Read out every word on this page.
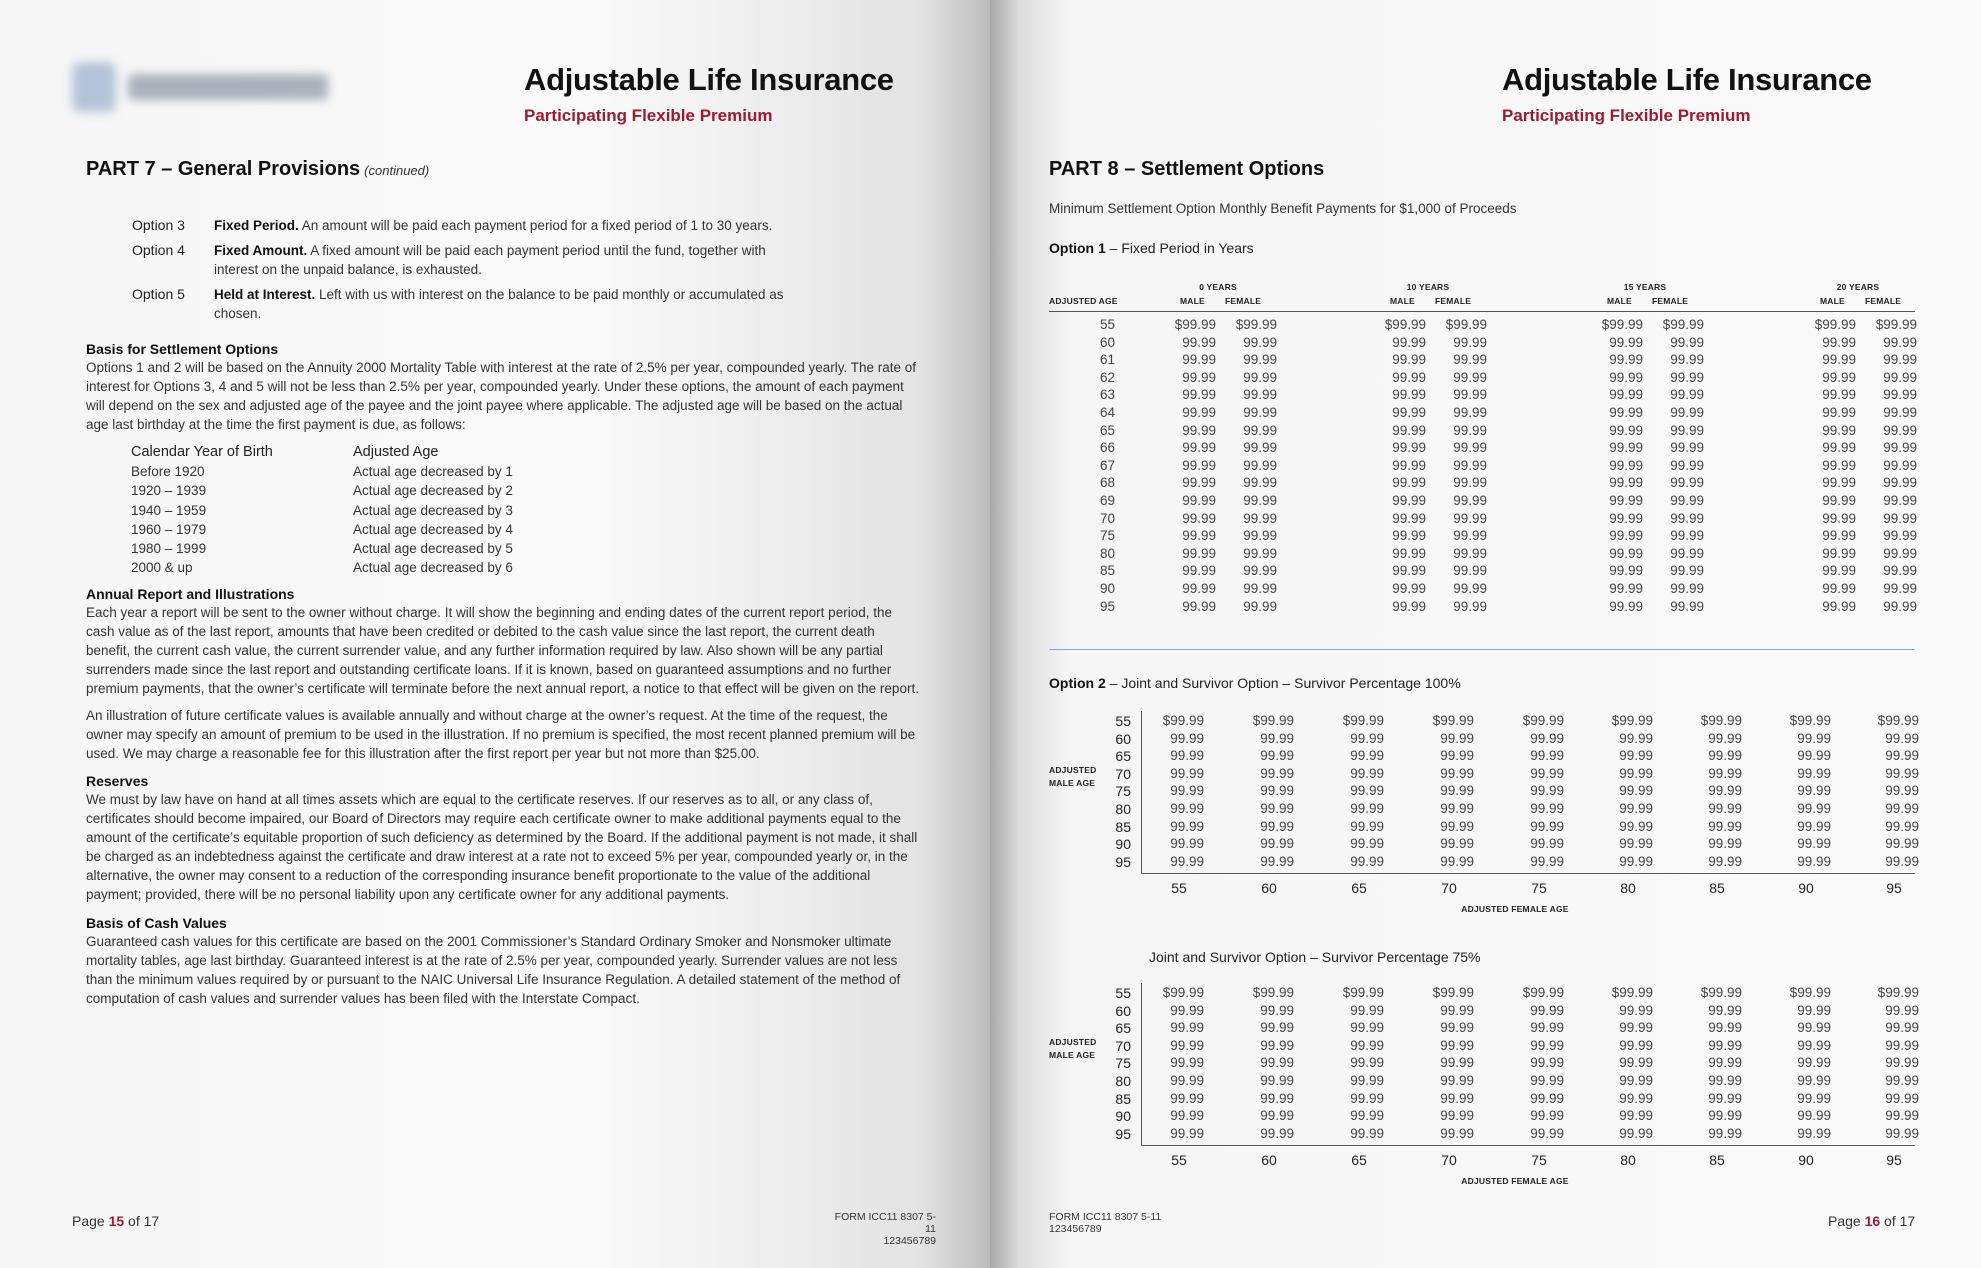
Adjustable Life Insurance
Participating Flexible Premium
PART 7 – General Provisions (continued)
Option 3	Fixed Period. An amount will be paid each payment period for a fixed period of 1 to 30 years.
Option 4	Fixed Amount. A fixed amount will be paid each payment period until the fund, together with interest on the unpaid balance, is exhausted.
Option 5	Held at Interest. Left with us with interest on the balance to be paid monthly or accumulated as chosen.
Basis for Settlement Options

Options 1 and 2 will be based on the Annuity 2000 Mortality Table with interest at the rate of 2.5% per year, compounded yearly. The rate of interest for Options 3, 4 and 5 will not be less than 2.5% per year, compounded yearly. Under these options, the amount of each payment will depend on the sex and adjusted age of the payee and the joint payee where applicable. The adjusted age will be based on the actual age last birthday at the time the first payment is due, as follows:

Calendar Year of Birth	Adjusted Age
Before 1920	Actual age decreased by 1
1920 – 1939	Actual age decreased by 2
1940 – 1959	Actual age decreased by 3
1960 – 1979	Actual age decreased by 4
1980 – 1999	Actual age decreased by 5
2000 & up	Actual age decreased by 6
Annual Report and Illustrations

Each year a report will be sent to the owner without charge. It will show the beginning and ending dates of the current report period, the cash value as of the last report, amounts that have been credited or debited to the cash value since the last report, the current death benefit, the current cash value, the current surrender value, and any further information required by law. Also shown will be any partial surrenders made since the last report and outstanding certificate loans. If it is known, based on guaranteed assumptions and no further premium payments, that the owner’s certificate will terminate before the next annual report, a notice to that effect will be given on the report.

An illustration of future certificate values is available annually and without charge at the owner’s request. At the time of the request, the owner may specify an amount of premium to be used in the illustration. If no premium is specified, the most recent planned premium will be used. We may charge a reasonable fee for this illustration after the first report per year but not more than $25.00.

Reserves

We must by law have on hand at all times assets which are equal to the certificate reserves. If our reserves as to all, or any class of, certificates should become impaired, our Board of Directors may require each certificate owner to make additional payments equal to the amount of the certificate’s equitable proportion of such deficiency as determined by the Board. If the additional payment is not made, it shall be charged as an indebtedness against the certificate and draw interest at a rate not to exceed 5% per year, compounded yearly or, in the alternative, the owner may consent to a reduction of the corresponding insurance benefit proportionate to the value of the additional payment; provided, there will be no personal liability upon any certificate owner for any additional payments.

Basis of Cash Values

Guaranteed cash values for this certificate are based on the 2001 Commissioner’s Standard Ordinary Smoker and Nonsmoker ultimate mortality tables, age last birthday. Guaranteed interest is at the rate of 2.5% per year, compounded yearly. Surrender values are not less than the minimum values required by or pursuant to the NAIC Universal Life Insurance Regulation. A detailed statement of the method of computation of cash values and surrender values has been filed with the Interstate Compact.

Page 15 of 17	FORM ICC11 8307 5-11
123456789
Adjustable Life Insurance
Participating Flexible Premium
PART 8 – Settlement Options
Minimum Settlement Option Monthly Benefit Payments for $1,000 of Proceeds
Option 1 – Fixed Period in Years
ADJUSTED AGE
0 YEARS
MALE FEMALE
10 YEARS
MALE FEMALE
15 YEARS
MALE FEMALE
20 YEARS
MALE FEMALE
55	$99.99	$99.99	$99.99	$99.99	$99.99	$99.99	$99.99	$99.99
60	99.99	99.99	99.99	99.99	99.99	99.99	99.99	99.99
61	99.99	99.99	99.99	99.99	99.99	99.99	99.99	99.99
62	99.99	99.99	99.99	99.99	99.99	99.99	99.99	99.99
63	99.99	99.99	99.99	99.99	99.99	99.99	99.99	99.99
64	99.99	99.99	99.99	99.99	99.99	99.99	99.99	99.99
65	99.99	99.99	99.99	99.99	99.99	99.99	99.99	99.99
66	99.99	99.99	99.99	99.99	99.99	99.99	99.99	99.99
67	99.99	99.99	99.99	99.99	99.99	99.99	99.99	99.99
68	99.99	99.99	99.99	99.99	99.99	99.99	99.99	99.99
69	99.99	99.99	99.99	99.99	99.99	99.99	99.99	99.99
70	99.99	99.99	99.99	99.99	99.99	99.99	99.99	99.99
75	99.99	99.99	99.99	99.99	99.99	99.99	99.99	99.99
80	99.99	99.99	99.99	99.99	99.99	99.99	99.99	99.99
85	99.99	99.99	99.99	99.99	99.99	99.99	99.99	99.99
90	99.99	99.99	99.99	99.99	99.99	99.99	99.99	99.99
95	99.99	99.99	99.99	99.99	99.99	99.99	99.99	99.99
Option 2 – Joint and Survivor Option – Survivor Percentage 100%
55	$99.99	$99.99	$99.99	$99.99	$99.99	$99.99	$99.99	$99.99	$99.99
60	99.99	99.99	99.99	99.99	99.99	99.99	99.99	99.99	99.99
65	99.99	99.99	99.99	99.99	99.99	99.99	99.99	99.99	99.99
70	99.99	99.99	99.99	99.99	99.99	99.99	99.99	99.99	99.99
75	99.99	99.99	99.99	99.99	99.99	99.99	99.99	99.99	99.99
80	99.99	99.99	99.99	99.99	99.99	99.99	99.99	99.99	99.99
85	99.99	99.99	99.99	99.99	99.99	99.99	99.99	99.99	99.99
90	99.99	99.99	99.99	99.99	99.99	99.99	99.99	99.99	99.99
95	99.99	99.99	99.99	99.99	99.99	99.99	99.99	99.99	99.99
55	60	65	70	75	80	85	90	95
ADJUSTED FEMALE AGE
ADJUSTED
MALE AGE
Joint and Survivor Option – Survivor Percentage 75%
55	$99.99	$99.99	$99.99	$99.99	$99.99	$99.99	$99.99	$99.99	$99.99
60	99.99	99.99	99.99	99.99	99.99	99.99	99.99	99.99	99.99
65	99.99	99.99	99.99	99.99	99.99	99.99	99.99	99.99	99.99
70	99.99	99.99	99.99	99.99	99.99	99.99	99.99	99.99	99.99
75	99.99	99.99	99.99	99.99	99.99	99.99	99.99	99.99	99.99
80	99.99	99.99	99.99	99.99	99.99	99.99	99.99	99.99	99.99
85	99.99	99.99	99.99	99.99	99.99	99.99	99.99	99.99	99.99
90	99.99	99.99	99.99	99.99	99.99	99.99	99.99	99.99	99.99
95	99.99	99.99	99.99	99.99	99.99	99.99	99.99	99.99	99.99
55	60	65	70	75	80	85	90	95
ADJUSTED FEMALE AGE
ADJUSTED
MALE AGE
FORM ICC11 8307 5-11
123456789	Page 16 of 17
